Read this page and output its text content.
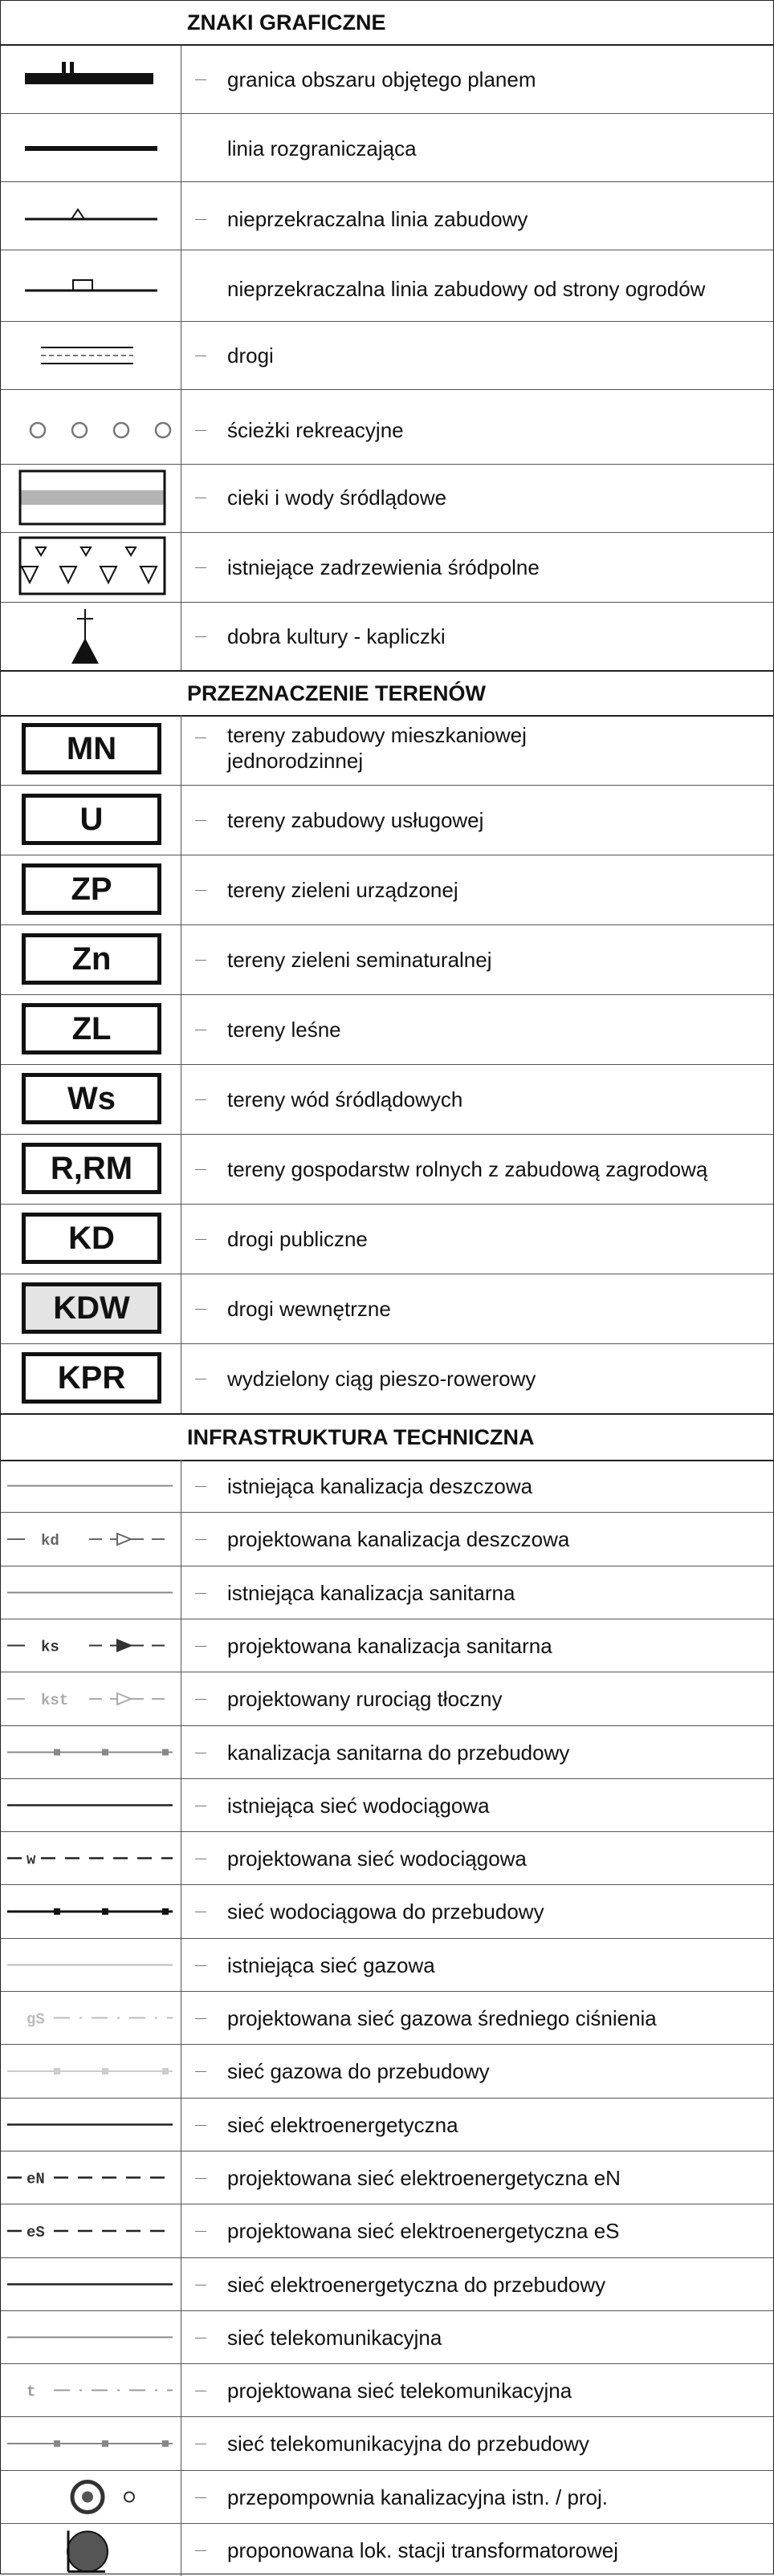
ZNAKI GRAFICZNE
granica obszaru objętego planem
linia rozgraniczająca
nieprzekraczalna linia zabudowy
nieprzekraczalna linia zabudowy od strony ogrodów
drogi
ścieżki rekreacyjne
cieki i wody śródlądowe
istniejące zadrzewienia śródpolne
dobra kultury - kapliczki
PRZEZNACZENIE TERENÓW
MN	tereny zabudowy mieszkaniowej
jednorodzinnej
U	tereny zabudowy usługowej
ZP	tereny zieleni urządzonej
Zn	tereny zieleni seminaturalnej
ZL	tereny leśne
Ws	tereny wód śródlądowych
R,RM	tereny gospodarstw rolnych z zabudową zagrodową
KD	drogi publiczne
KDW	drogi wewnętrzne
KPR	wydzielony ciąg pieszo-rowerowy
INFRASTRUKTURA TECHNICZNA
istniejąca kanalizacja deszczowa
kd	projektowana kanalizacja deszczowa
istniejąca kanalizacja sanitarna
ks	projektowana kanalizacja sanitarna
kst	projektowany rurociąg tłoczny
kanalizacja sanitarna do przebudowy
istniejąca sieć wodociągowa
w	projektowana sieć wodociągowa
sieć wodociągowa do przebudowy
istniejąca sieć gazowa
gS	projektowana sieć gazowa średniego ciśnienia
sieć gazowa do przebudowy
sieć elektroenergetyczna
eN	projektowana sieć elektroenergetyczna eN
eS	projektowana sieć elektroenergetyczna eS
sieć elektroenergetyczna do przebudowy
sieć telekomunikacyjna
t	projektowana sieć telekomunikacyjna
sieć telekomunikacyjna do przebudowy
przepompownia kanalizacyjna istn. / proj.
proponowana lok. stacji transformatorowej
